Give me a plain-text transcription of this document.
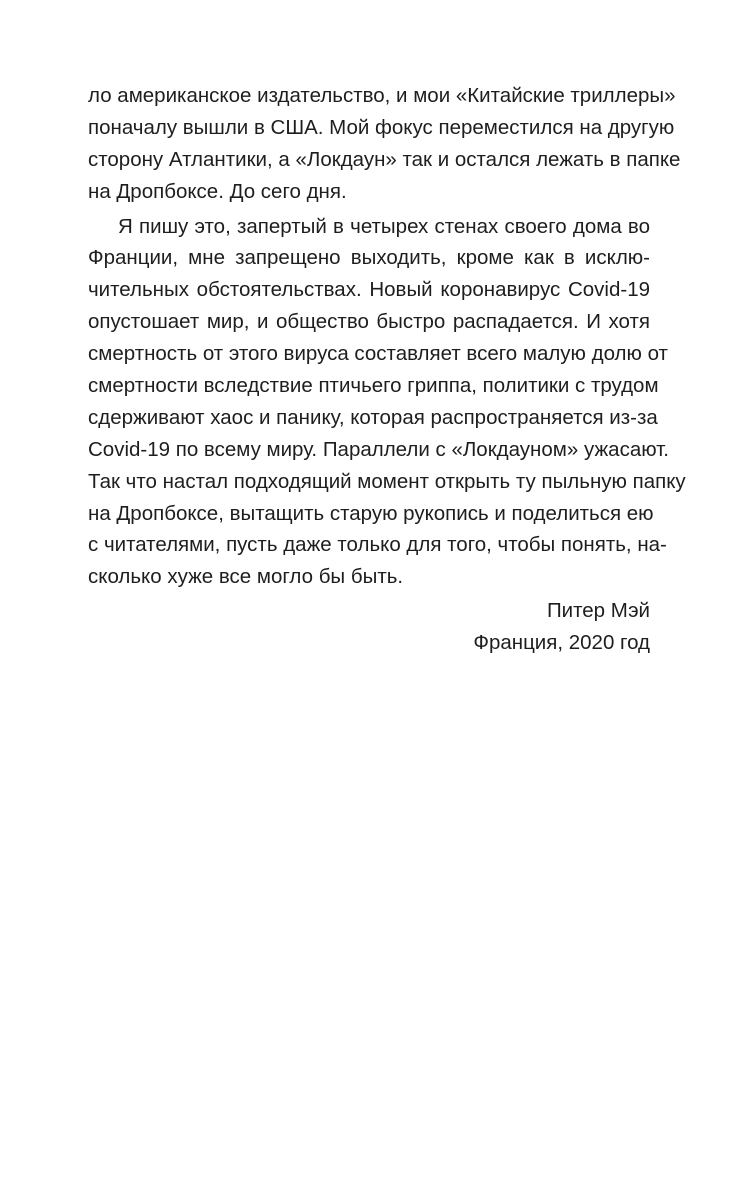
ло американское издательство, и мои «Китайские триллеры»
поначалу вышли в США. Мой фокус переместился на другую
сторону Атлантики, а «Локдаун» так и остался лежать в папке
на Дропбоксе. До сего дня.
Я пишу это, запертый в четырех стенах своего дома во
Франции, мне запрещено выходить, кроме как в исклю-
чительных обстоятельствах. Новый коронавирус Covid-19
опустошает мир, и общество быстро распадается. И хотя
смертность от этого вируса составляет всего малую долю от
смертности вследствие птичьего гриппа, политики с трудом
сдерживают хаос и панику, которая распространяется из-за
Covid-19 по всему миру. Параллели с «Локдауном» ужасают.
Так что настал подходящий момент открыть ту пыльную папку
на Дропбоксе, вытащить старую рукопись и поделиться ею
с читателями, пусть даже только для того, чтобы понять, на-
сколько хуже все могло бы быть.
Питер Мэй
Франция, 2020 год
